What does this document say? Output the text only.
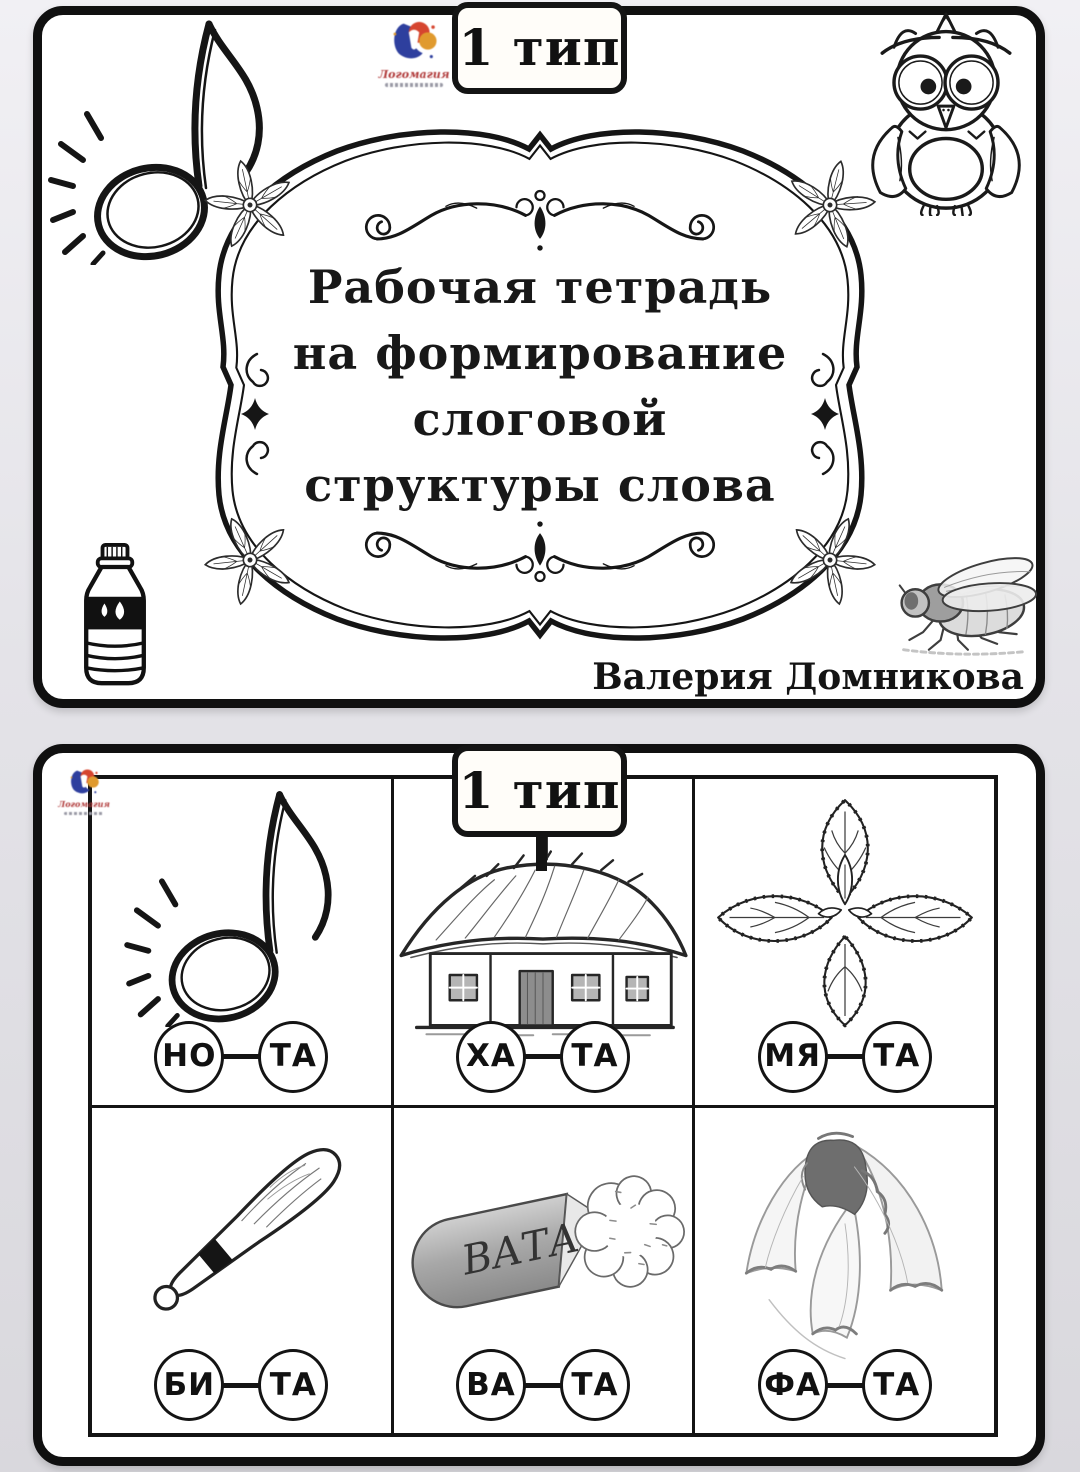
Логомагия 1 тип
Рабочая тетрадь
на формирование
слоговой
структуры слова
Валерия Домникова
Логомагия	1 тип
НО	ТА	ХА	ТА	МЯ	ТА
БИ	ТА	ВА	ТА	ФА	ТА
